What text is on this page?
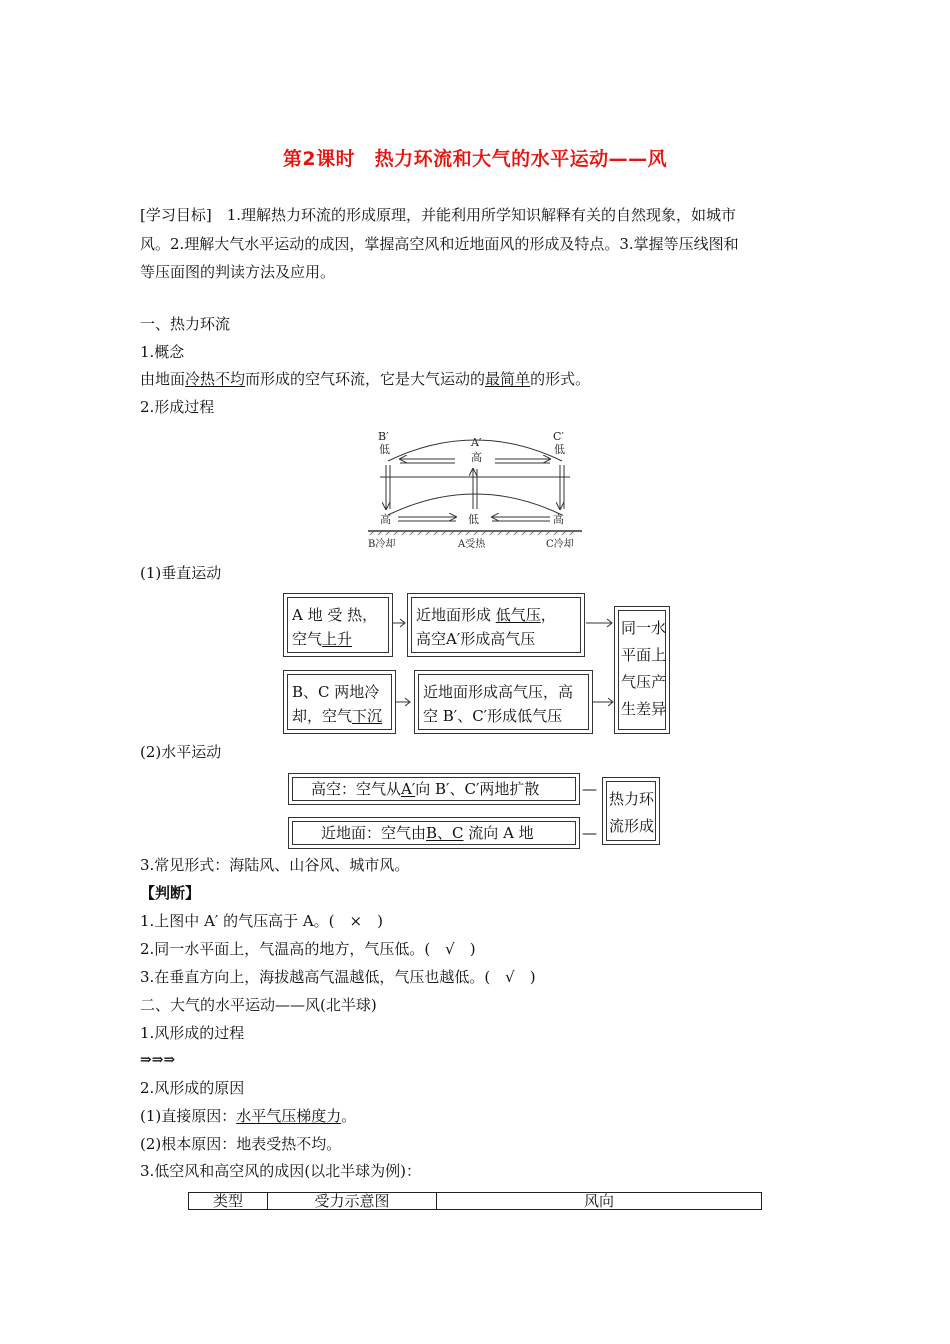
第2课时　热力环流和大气的水平运动——风
[学习目标]　1.理解热力环流的形成原理，并能利用所学知识解释有关的自然现象，如城市
风。2.理解大气水平运动的成因，掌握高空风和近地面风的形成及特点。3.掌握等压线图和
等压面图的判读方法及应用。
一、热力环流
1.概念
由地面冷热不均而形成的空气环流，它是大气运动的最简单的形式。
2.形成过程
B′
低
A′
高
C′
低
高	低	高
B冷却	A受热	C冷却
(1)垂直运动
A 地 受 热，
空气上升
近地面形成 低气压，
高空A′形成高气压
B、C 两地冷
却，空气下沉
近地面形成高气压，高
空 B′、C′形成低气压
同一水
平面上
气压产
生差异
(2)水平运动
高空：空气从A′向 B′、C′两地扩散	—
近地面：空气由B、C 流向 A 地	—
热力环
流形成
3.常见形式：海陆风、山谷风、城市风。
【判断】
1.上图中 A′ 的气压高于 A。(　×　)
2.同一水平面上，气温高的地方，气压低。(　√　)
3.在垂直方向上，海拔越高气温越低，气压也越低。(　√　)
二、大气的水平运动——风(北半球)
1.风形成的过程
⇒⇒⇒
2.风形成的原因
(1)直接原因：水平气压梯度力。
(2)根本原因：地表受热不均。
3.低空风和高空风的成因(以北半球为例)：
类型	受力示意图	风向
